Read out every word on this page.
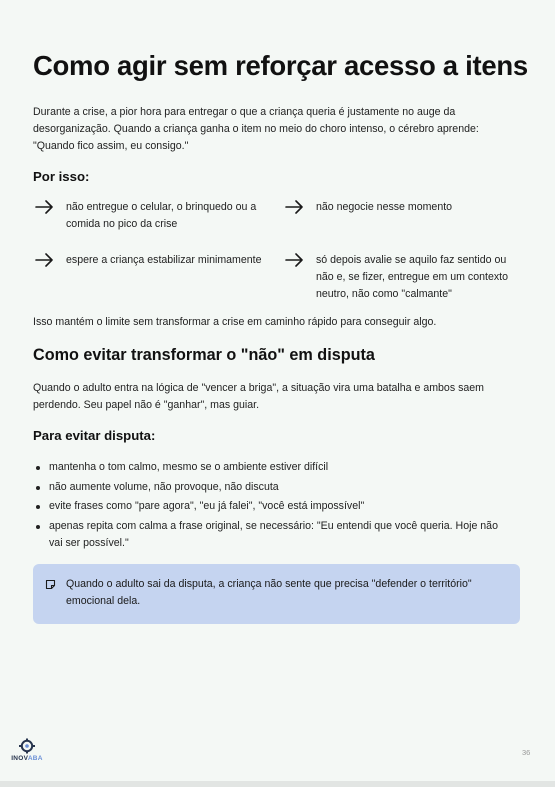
Como agir sem reforçar acesso a itens

Durante a crise, a pior hora para entregar o que a criança queria é justamente no auge da
desorganização. Quando a criança ganha o item no meio do choro intenso, o cérebro aprende:
"Quando fico assim, eu consigo."

Por isso:

não entregue o celular, o brinquedo ou a
comida no pico da crise
não negocie nesse momento
espere a criança estabilizar minimamente	só depois avalie se aquilo faz sentido ou
não e, se fizer, entregue em um contexto
neutro, não como "calmante"

Isso mantém o limite sem transformar a crise em caminho rápido para conseguir algo.

Como evitar transformar o "não" em disputa

Quando o adulto entra na lógica de "vencer a briga", a situação vira uma batalha e ambos saem
perdendo. Seu papel não é "ganhar", mas guiar.

Para evitar disputa:

mantenha o tom calmo, mesmo se o ambiente estiver difícil
não aumente volume, não provoque, não discuta
evite frases como "pare agora", "eu já falei", "você está impossível"
apenas repita com calma a frase original, se necessário: "Eu entendi que você queria. Hoje não
vai ser possível."
Quando o adulto sai da disputa, a criança não sente que precisa "defender o território"
emocional dela.
INOVABA
36
